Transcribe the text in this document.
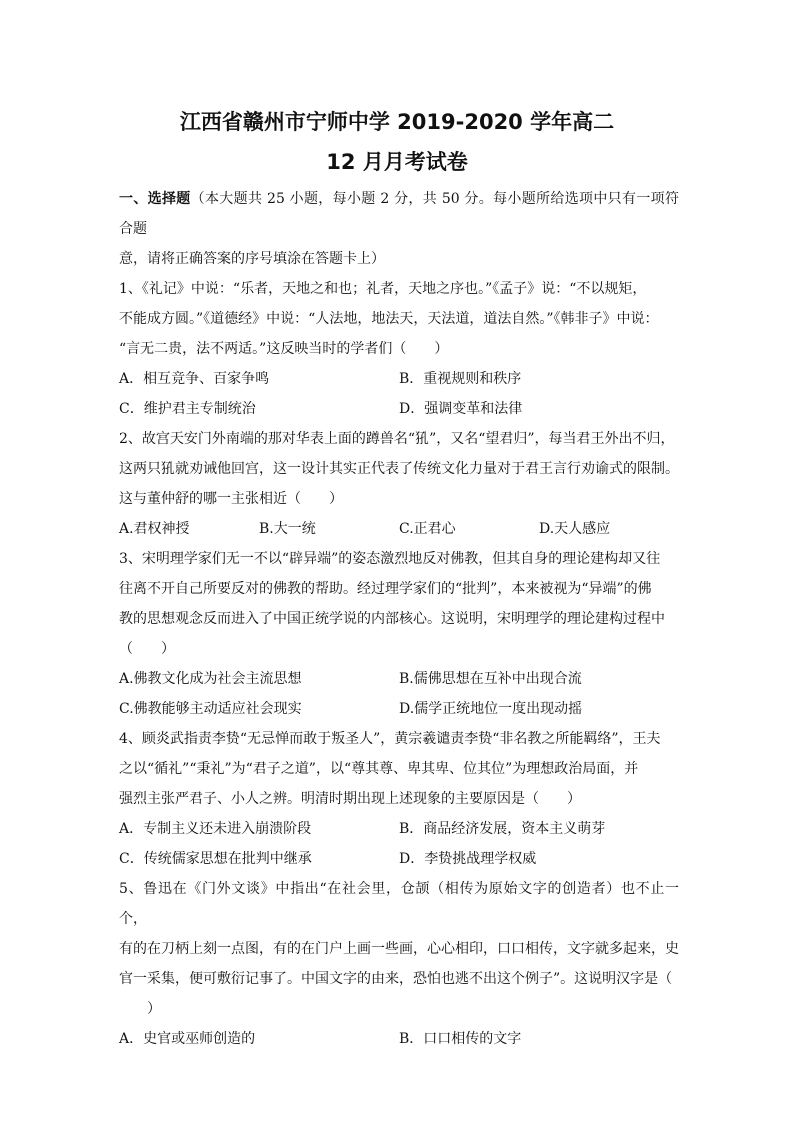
江西省赣州市宁师中学 2019-2020 学年高二
12 月月考试卷

一、选择题（本大题共 25 小题，每小题 2 分，共 50 分。每小题所给选项中只有一项符合题

意，请将正确答案的序号填涂在答题卡上）

1、《礼记》中说：“乐者，天地之和也；礼者，天地之序也。”《孟子》说：“不以规矩，

不能成方圆。”《道德经》中说：“人法地，地法天，天法道，道法自然。”《韩非子》中说：

“言无二贵，法不两适。”这反映当时的学者们（　　）

A．相互竞争、百家争鸣	B．重视规则和秩序
C．维护君主专制统治	D．强调变革和法律

2、故宫天安门外南端的那对华表上面的蹲兽名“犼”，又名“望君归”，每当君王外出不归，

这两只犼就劝诫他回宫，这一设计其实正代表了传统文化力量对于君王言行劝谕式的限制。

这与董仲舒的哪一主张相近（　　）

A.君权神授	B.大一统	C.正君心	D.天人感应

3、宋明理学家们无一不以“辟异端”的姿态激烈地反对佛教，但其自身的理论建构却又往

往离不开自己所要反对的佛教的帮助。经过理学家们的“批判”，本来被视为“异端”的佛

教的思想观念反而进入了中国正统学说的内部核心。这说明，宋明理学的理论建构过程中

（　　）

A.佛教文化成为社会主流思想	B.儒佛思想在互补中出现合流
C.佛教能够主动适应社会现实	D.儒学正统地位一度出现动摇

4、顾炎武指责李贽“无忌惮而敢于叛圣人”，黄宗羲谴责李贽“非名教之所能羁络”，王夫

之以“循礼”“秉礼”为“君子之道”，以“尊其尊、卑其卑、位其位”为理想政治局面，并

强烈主张严君子、小人之辨。明清时期出现上述现象的主要原因是（　　）

A．专制主义还未进入崩溃阶段	B．商品经济发展，资本主义萌芽
C．传统儒家思想在批判中继承	D．李贽挑战理学权威

5、鲁迅在《门外文谈》中指出“在社会里，仓颉（相传为原始文字的创造者）也不止一个，

有的在刀柄上刻一点图，有的在门户上画一些画，心心相印，口口相传，文字就多起来，史

官一采集，便可敷衍记事了。中国文字的由来，恐怕也逃不出这个例子”。这说明汉字是（

　　）

A．史官或巫师创造的	B．口口相传的文字
